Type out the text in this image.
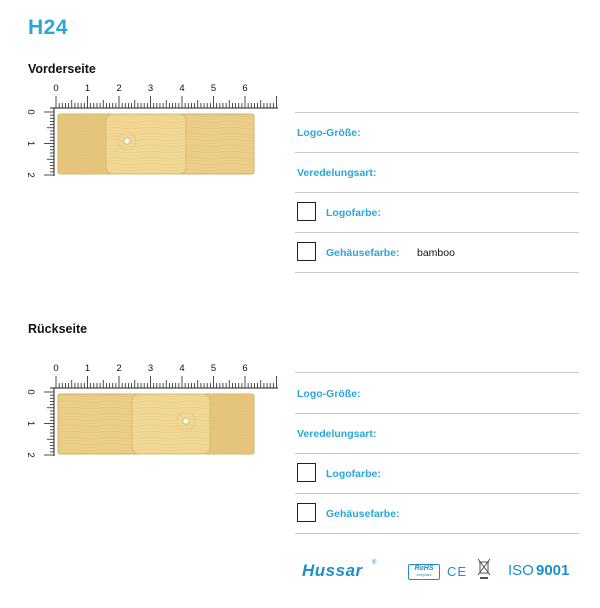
H24
Vorderseite
0	1	2	3	4	5	6
0
1
2
Logo-Größe:
Veredelungsart:
Logofarbe:
Gehäusefarbe: bamboo
Rückseite
0	1	2	3	4	5	6
0
1
2
Logo-Größe:
Veredelungsart:
Logofarbe:
Gehäusefarbe:
Hussar ®
RoHS
compliant	CE	ISO 9001
